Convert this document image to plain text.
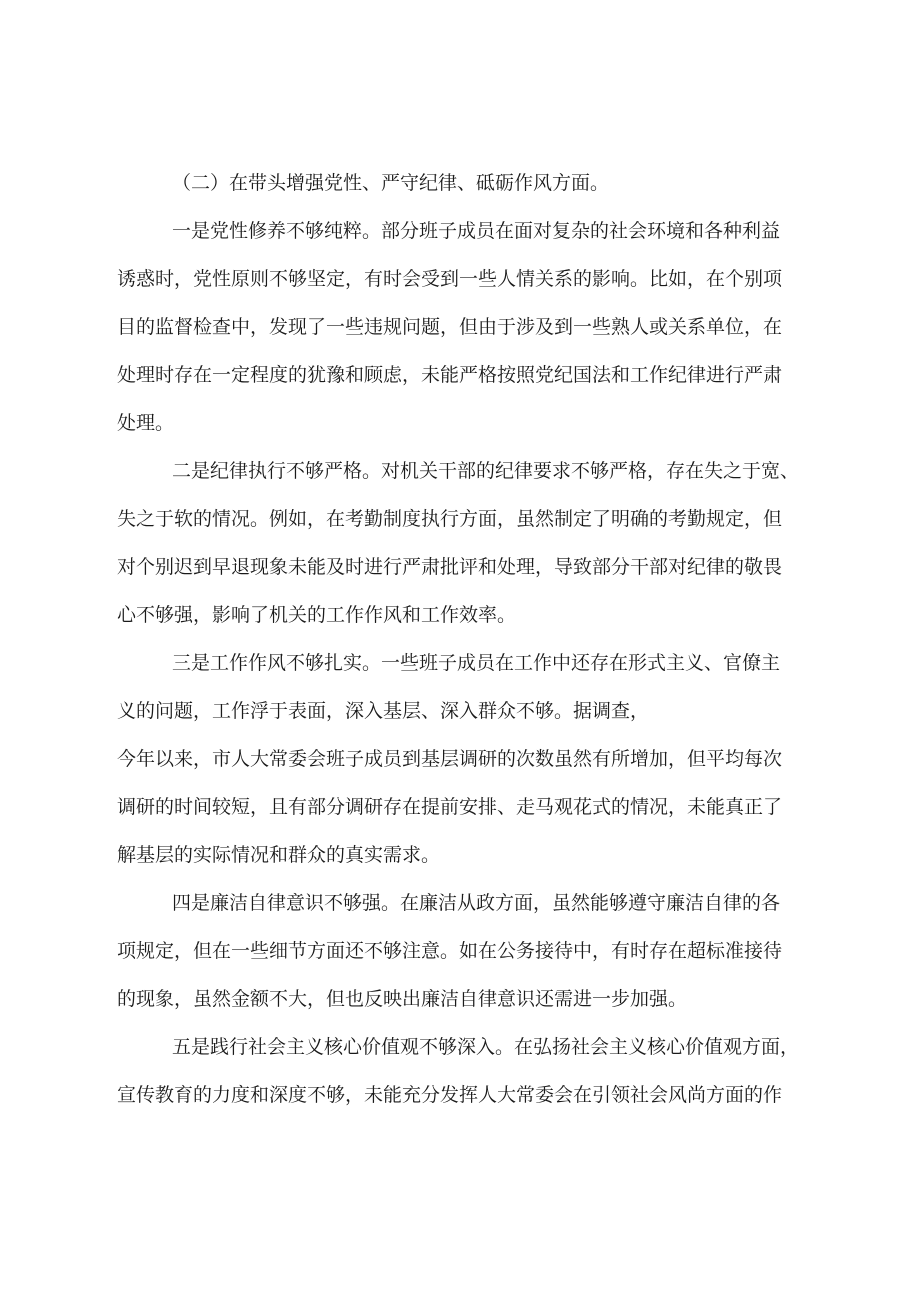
（二）在带头增强党性、严守纪律、砥砺作风方面。
一是党性修养不够纯粹。部分班子成员在面对复杂的社会环境和各种利益
诱惑时，党性原则不够坚定，有时会受到一些人情关系的影响。比如，在个别项
目的监督检查中，发现了一些违规问题，但由于涉及到一些熟人或关系单位，在
处理时存在一定程度的犹豫和顾虑，未能严格按照党纪国法和工作纪律进行严肃
处理。
二是纪律执行不够严格。对机关干部的纪律要求不够严格，存在失之于宽、
失之于软的情况。例如，在考勤制度执行方面，虽然制定了明确的考勤规定，但
对个别迟到早退现象未能及时进行严肃批评和处理，导致部分干部对纪律的敬畏
心不够强，影响了机关的工作作风和工作效率。
三是工作作风不够扎实。一些班子成员在工作中还存在形式主义、官僚主
义的问题，工作浮于表面，深入基层、深入群众不够。据调查，
今年以来，市人大常委会班子成员到基层调研的次数虽然有所增加，但平均每次
调研的时间较短，且有部分调研存在提前安排、走马观花式的情况，未能真正了
解基层的实际情况和群众的真实需求。
四是廉洁自律意识不够强。在廉洁从政方面，虽然能够遵守廉洁自律的各
项规定，但在一些细节方面还不够注意。如在公务接待中，有时存在超标准接待
的现象，虽然金额不大，但也反映出廉洁自律意识还需进一步加强。
五是践行社会主义核心价值观不够深入。在弘扬社会主义核心价值观方面，
宣传教育的力度和深度不够，未能充分发挥人大常委会在引领社会风尚方面的作
